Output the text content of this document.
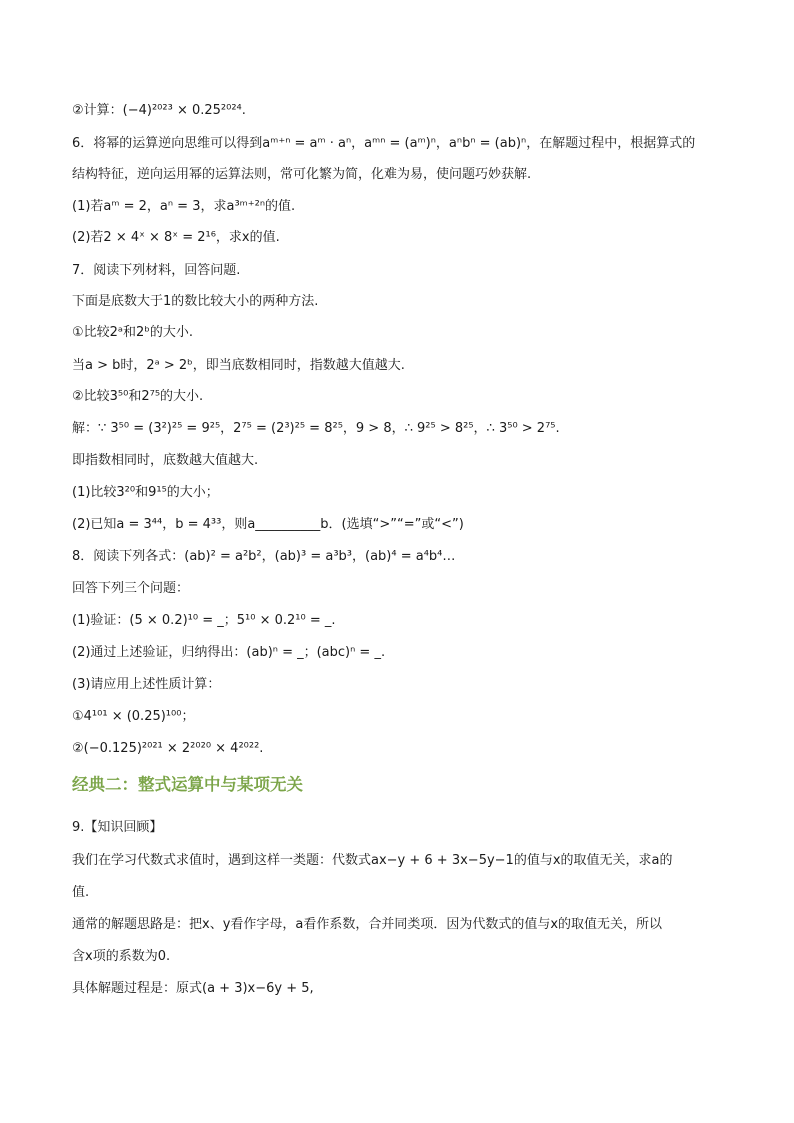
②计算：(−4)²⁰²³ × 0.25²⁰²⁴.
6．将幂的运算逆向思维可以得到aᵐ⁺ⁿ = aᵐ · aⁿ，aᵐⁿ = (aᵐ)ⁿ，aⁿbⁿ = (ab)ⁿ，在解题过程中，根据算式的
结构特征，逆向运用幂的运算法则，常可化繁为简，化难为易，使问题巧妙获解.
(1)若aᵐ = 2，aⁿ = 3，求a³ᵐ⁺²ⁿ的值.
(2)若2 × 4ˣ × 8ˣ = 2¹⁶，求x的值.
7．阅读下列材料，回答问题.
下面是底数大于1的数比较大小的两种方法.
①比较2ᵃ和2ᵇ的大小.
当a > b时，2ᵃ > 2ᵇ，即当底数相同时，指数越大值越大.
②比较3⁵⁰和2⁷⁵的大小.
解：∵ 3⁵⁰ = (3²)²⁵ = 9²⁵，2⁷⁵ = (2³)²⁵ = 8²⁵，9 > 8，∴ 9²⁵ > 8²⁵，∴ 3⁵⁰ > 2⁷⁵.
即指数相同时，底数越大值越大.
(1)比较3²⁰和9¹⁵的大小；
(2)已知a = 3⁴⁴，b = 4³³，则a__________b．(选填“>”“=”或“<”)
8．阅读下列各式：(ab)² = a²b²，(ab)³ = a³b³，(ab)⁴ = a⁴b⁴…
回答下列三个问题：
(1)验证：(5 × 0.2)¹⁰ = _；5¹⁰ × 0.2¹⁰ = _.
(2)通过上述验证，归纳得出：(ab)ⁿ = _；(abc)ⁿ = _.
(3)请应用上述性质计算：
①4¹⁰¹ × (0.25)¹⁰⁰；
②(−0.125)²⁰²¹ × 2²⁰²⁰ × 4²⁰²².
经典二：整式运算中与某项无关
9.【知识回顾】
我们在学习代数式求值时，遇到这样一类题：代数式ax−y + 6 + 3x−5y−1的值与x的取值无关，求a的
值.
通常的解题思路是：把x、y看作字母，a看作系数，合并同类项．因为代数式的值与x的取值无关，所以
含x项的系数为0.
具体解题过程是：原式(a + 3)x−6y + 5,
